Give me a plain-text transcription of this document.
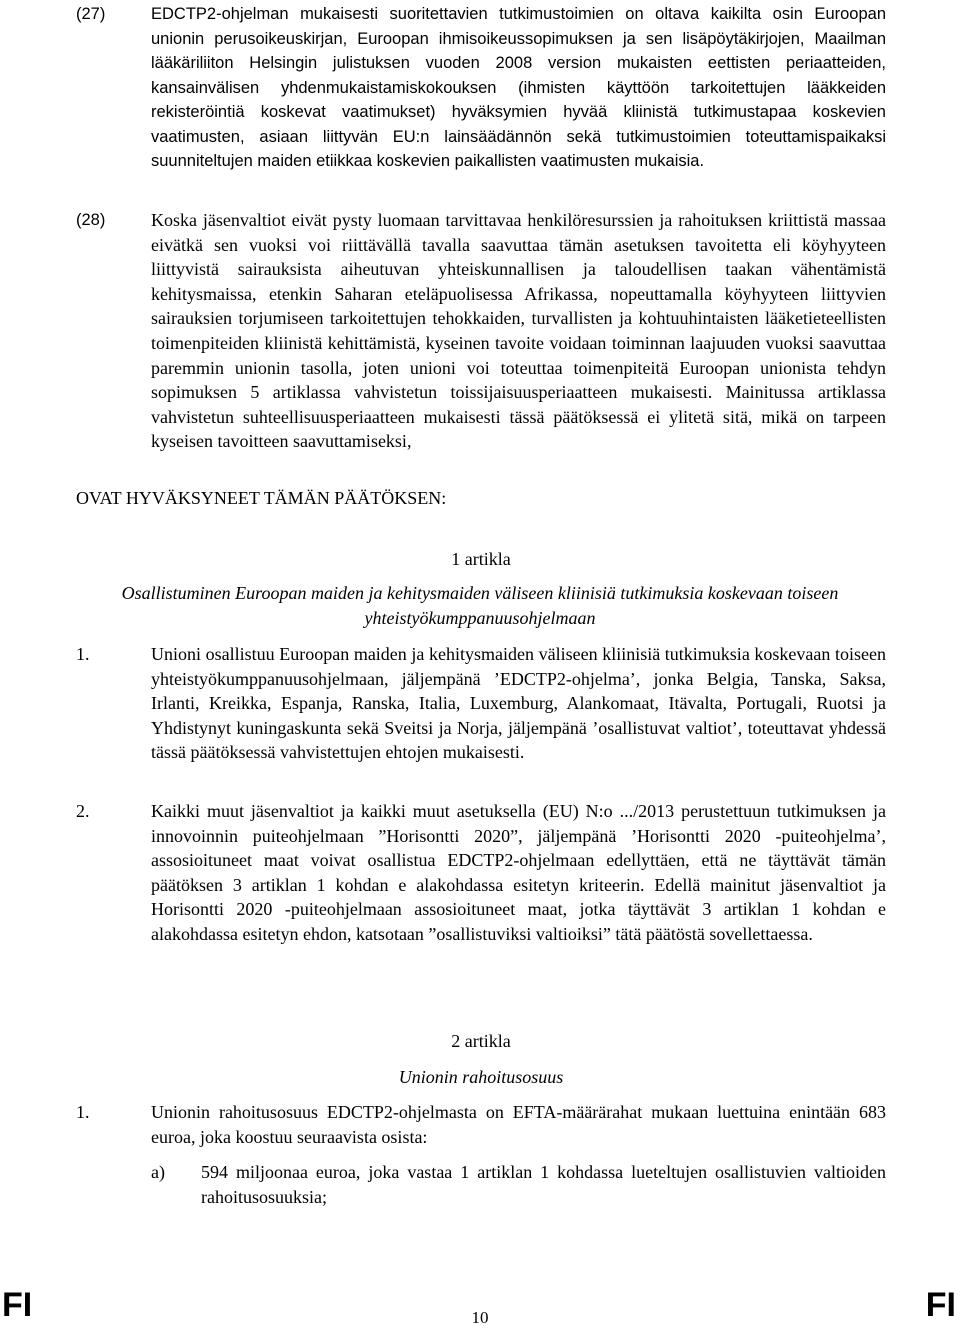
(27)	EDCTP2-ohjelman mukaisesti suoritettavien tutkimustoimien on oltava kaikilta osin Euroopan unionin perusoikeuskirjan, Euroopan ihmisoikeussopimuksen ja sen lisäpöytäkirjojen, Maailman lääkäriliiton Helsingin julistuksen vuoden 2008 version mukaisten eettisten periaatteiden, kansainvälisen yhdenmukaistamiskokouksen (ihmisten käyttöön tarkoitettujen lääkkeiden rekisteröintiä koskevat vaatimukset) hyväksymien hyvää kliinistä tutkimustapaa koskevien vaatimusten, asiaan liittyvän EU:n lainsäädännön sekä tutkimustoimien toteuttamispaikaksi suunniteltujen maiden etiikkaa koskevien paikallisten vaatimusten mukaisia.
(28)	Koska jäsenvaltiot eivät pysty luomaan tarvittavaa henkilöresurssien ja rahoituksen kriittistä massaa eivätkä sen vuoksi voi riittävällä tavalla saavuttaa tämän asetuksen tavoitetta eli köyhyyteen liittyvistä sairauksista aiheutuvan yhteiskunnallisen ja taloudellisen taakan vähentämistä kehitysmaissa, etenkin Saharan eteläpuolisessa Afrikassa, nopeuttamalla köyhyyteen liittyvien sairauksien torjumiseen tarkoitettujen tehokkaiden, turvallisten ja kohtuuhintaisten lääketieteellisten toimenpiteiden kliinistä kehittämistä, kyseinen tavoite voidaan toiminnan laajuuden vuoksi saavuttaa paremmin unionin tasolla, joten unioni voi toteuttaa toimenpiteitä Euroopan unionista tehdyn sopimuksen 5 artiklassa vahvistetun toissijaisuusperiaatteen mukaisesti. Mainitussa artiklassa vahvistetun suhteellisuusperiaatteen mukaisesti tässä päätöksessä ei ylitetä sitä, mikä on tarpeen kyseisen tavoitteen saavuttamiseksi,
OVAT HYVÄKSYNEET TÄMÄN PÄÄTÖKSEN:
1 artikla
Osallistuminen Euroopan maiden ja kehitysmaiden väliseen kliinisiä tutkimuksia koskevaan toiseen yhteistyökumppanuusohjelmaan
1.	Unioni osallistuu Euroopan maiden ja kehitysmaiden väliseen kliinisiä tutkimuksia koskevaan toiseen yhteistyökumppanuusohjelmaan, jäljempänä ’EDCTP2-ohjelma’, jonka Belgia, Tanska, Saksa, Irlanti, Kreikka, Espanja, Ranska, Italia, Luxemburg, Alankomaat, Itävalta, Portugali, Ruotsi ja Yhdistynyt kuningaskunta sekä Sveitsi ja Norja, jäljempänä ’osallistuvat valtiot’, toteuttavat yhdessä tässä päätöksessä vahvistettujen ehtojen mukaisesti.
2.	Kaikki muut jäsenvaltiot ja kaikki muut asetuksella (EU) N:o .../2013 perustettuun tutkimuksen ja innovoinnin puiteohjelmaan ”Horisontti 2020”, jäljempänä ’Horisontti 2020 -puiteohjelma’, assosioituneet maat voivat osallistua EDCTP2-ohjelmaan edellyttäen, että ne täyttävät tämän päätöksen 3 artiklan 1 kohdan e alakohdassa esitetyn kriteerin. Edellä mainitut jäsenvaltiot ja Horisontti 2020 -puiteohjelmaan assosioituneet maat, jotka täyttävät 3 artiklan 1 kohdan e alakohdassa esitetyn ehdon, katsotaan ”osallistuviksi valtioiksi” tätä päätöstä sovellettaessa.
2 artikla
Unionin rahoitusosuus
1.	Unionin rahoitusosuus EDCTP2-ohjelmasta on EFTA-määrärahat mukaan luettuina enintään 683 euroa, joka koostuu seuraavista osista:
a) 594 miljoonaa euroa, joka vastaa 1 artiklan 1 kohdassa lueteltujen osallistuvien valtioiden rahoitusosuuksia;
FI	10	FI
